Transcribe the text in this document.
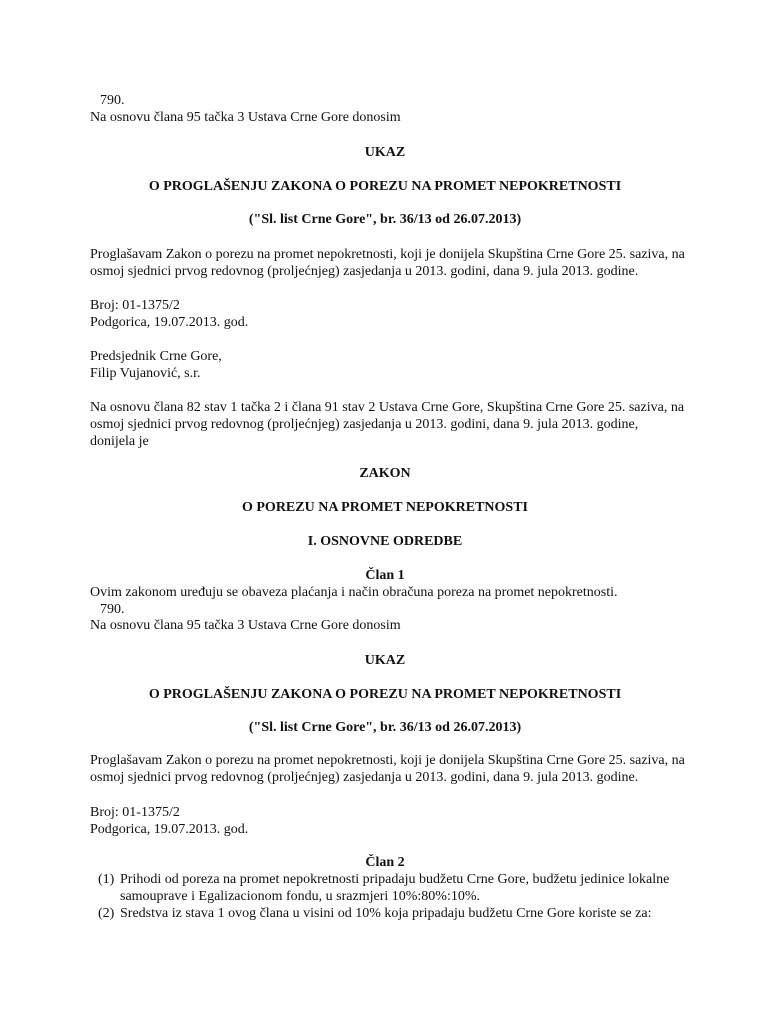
790.
Na osnovu člana 95 tačka 3 Ustava Crne Gore donosim
UKAZ
O PROGLAŠENJU ZAKONA O POREZU NA PROMET NEPOKRETNOSTI
("Sl. list Crne Gore", br. 36/13 od 26.07.2013)
Proglašavam Zakon o porezu na promet nepokretnosti, koji je donijela Skupština Crne Gore 25. saziva, na
osmoj sjednici prvog redovnog (proljećnjeg) zasjedanja u 2013. godini, dana 9. jula 2013. godine.
Broj: 01-1375/2
Podgorica, 19.07.2013. god.
Predsjednik Crne Gore,
Filip Vujanović, s.r.
Na osnovu člana 82 stav 1 tačka 2 i člana 91 stav 2 Ustava Crne Gore, Skupština Crne Gore 25. saziva, na
osmoj sjednici prvog redovnog (proljećnjeg) zasjedanja u 2013. godini, dana 9. jula 2013. godine,
donijela je
ZAKON
O POREZU NA PROMET NEPOKRETNOSTI
I. OSNOVNE ODREDBE
Član 1
Ovim zakonom uređuju se obaveza plaćanja i način obračuna poreza na promet nepokretnosti.
790.
Na osnovu člana 95 tačka 3 Ustava Crne Gore donosim
UKAZ
O PROGLAŠENJU ZAKONA O POREZU NA PROMET NEPOKRETNOSTI
("Sl. list Crne Gore", br. 36/13 od 26.07.2013)
Proglašavam Zakon o porezu na promet nepokretnosti, koji je donijela Skupština Crne Gore 25. saziva, na
osmoj sjednici prvog redovnog (proljećnjeg) zasjedanja u 2013. godini, dana 9. jula 2013. godine.
Broj: 01-1375/2
Podgorica, 19.07.2013. god.
Član 2
(1) Prihodi od poreza na promet nepokretnosti pripadaju budžetu Crne Gore, budžetu jedinice lokalne
samouprave i Egalizacionom fondu, u srazmjeri 10%:80%:10%.
(2) Sredstva iz stava 1 ovog člana u visini od 10% koja pripadaju budžetu Crne Gore koriste se za:
